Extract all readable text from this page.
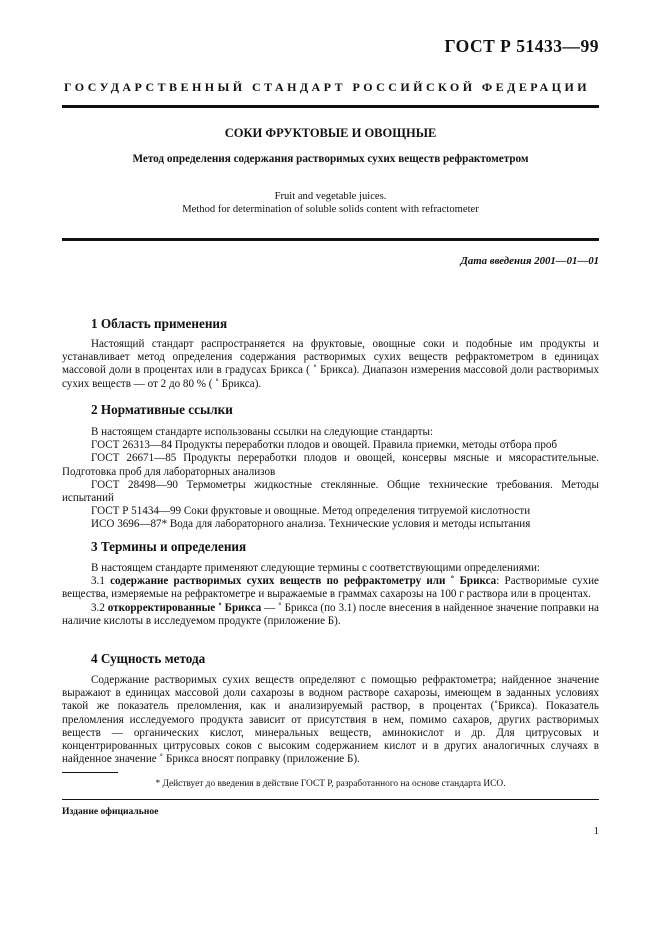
ГОСТ Р 51433—99
ГОСУДАРСТВЕННЫЙ СТАНДАРТ РОССИЙСКОЙ ФЕДЕРАЦИИ
СОКИ ФРУКТОВЫЕ И ОВОЩНЫЕ
Метод определения содержания растворимых сухих веществ рефрактометром
Fruit and vegetable juices.
Method for determination of soluble solids content with refractometer
Дата введения 2001—01—01
1 Область применения

Настоящий стандарт распространяется на фруктовые, овощные соки и подобные им продукты и устанавливает метод определения содержания растворимых сухих веществ рефрактометром в единицах массовой доли в процентах или в градусах Брикса ( ˚ Брикса). Диапазон измерения массовой доли растворимых сухих веществ — от 2 до 80 % ( ˚ Брикса).

2 Нормативные ссылки

В настоящем стандарте использованы ссылки на следующие стандарты:

ГОСТ 26313—84 Продукты переработки плодов и овощей. Правила приемки, методы отбора проб

ГОСТ 26671—85 Продукты переработки плодов и овощей, консервы мясные и мясорастительные. Подготовка проб для лабораторных анализов

ГОСТ 28498—90 Термометры жидкостные стеклянные. Общие технические требования. Методы испытаний

ГОСТ Р 51434—99 Соки фруктовые и овощные. Метод определения титруемой кислотности

ИСО 3696—87* Вода для лабораторного анализа. Технические условия и методы испытания

3 Термины и определения

В настоящем стандарте применяют следующие термины с соответствующими определениями:

3.1 содержание растворимых сухих веществ по рефрактометру или ˚ Брикса: Растворимые сухие вещества, измеряемые на рефрактометре и выражаемые в граммах сахарозы на 100 г раствора или в процентах.

3.2 откорректированные ˚ Брикса — ˚ Брикса (по 3.1) после внесения в найденное значение поправки на наличие кислоты в исследуемом продукте (приложение Б).

4 Сущность метода

Содержание растворимых сухих веществ определяют с помощью рефрактометра; найденное значение выражают в единицах массовой доли сахарозы в водном растворе сахарозы, имеющем в заданных условиях такой же показатель преломления, как и анализируемый раствор, в процентах (˚Брикса). Показатель преломления исследуемого продукта зависит от присутствия в нем, помимо сахаров, других растворимых веществ — органических кислот, минеральных веществ, аминокислот и др. Для цитрусовых и концентрированных цитрусовых соков с высоким содержанием кислот и в других аналогичных случаях в найденное значение ˚ Брикса вносят поправку (приложение Б).

* Действует до введения в действие ГОСТ Р, разработанного на основе стандарта ИСО.
Издание официальное
1
